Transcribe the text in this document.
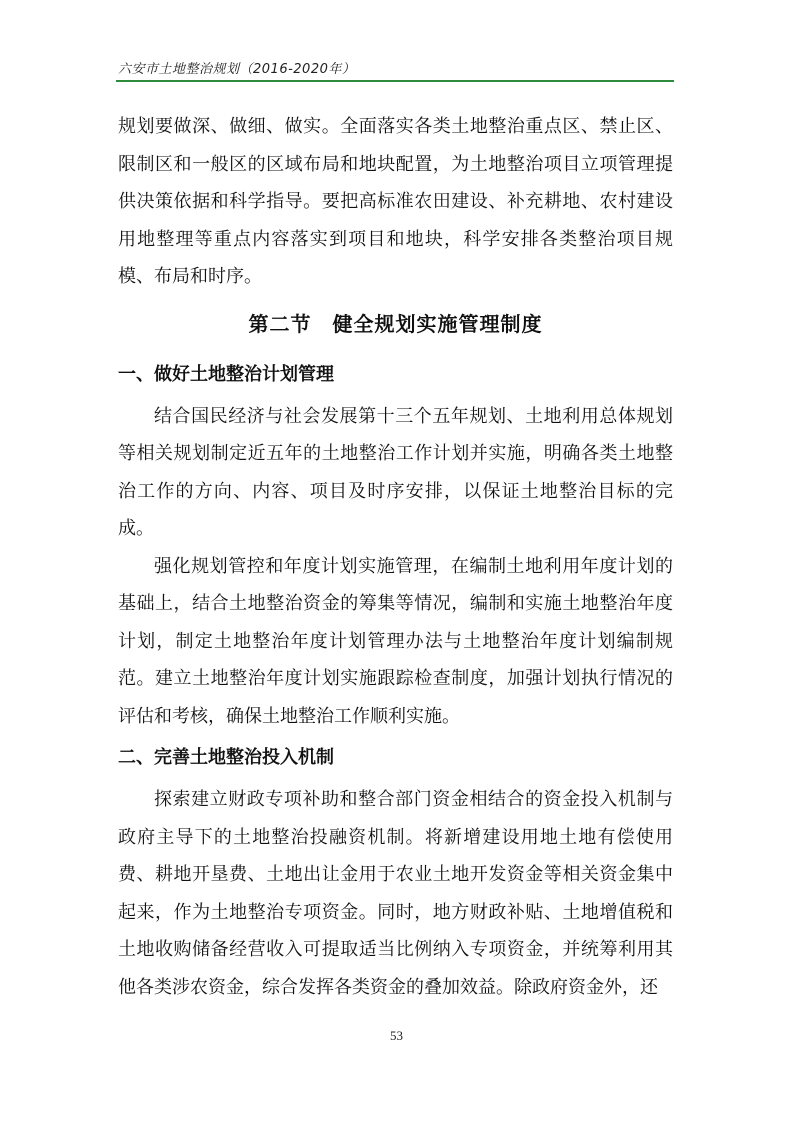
六安市土地整治规划（2016-2020年）

规划要做深、做细、做实。全面落实各类土地整治重点区、禁止区、限制区和一般区的区域布局和地块配置，为土地整治项目立项管理提供决策依据和科学指导。要把高标准农田建设、补充耕地、农村建设用地整理等重点内容落实到项目和地块，科学安排各类整治项目规模、布局和时序。

第二节　健全规划实施管理制度
一、做好土地整治计划管理

结合国民经济与社会发展第十三个五年规划、土地利用总体规划等相关规划制定近五年的土地整治工作计划并实施，明确各类土地整治工作的方向、内容、项目及时序安排，以保证土地整治目标的完成。

强化规划管控和年度计划实施管理，在编制土地利用年度计划的基础上，结合土地整治资金的筹集等情况，编制和实施土地整治年度计划，制定土地整治年度计划管理办法与土地整治年度计划编制规范。建立土地整治年度计划实施跟踪检查制度，加强计划执行情况的评估和考核，确保土地整治工作顺利实施。

二、完善土地整治投入机制

探索建立财政专项补助和整合部门资金相结合的资金投入机制与政府主导下的土地整治投融资机制。将新增建设用地土地有偿使用费、耕地开垦费、土地出让金用于农业土地开发资金等相关资金集中起来，作为土地整治专项资金。同时，地方财政补贴、土地增值税和土地收购储备经营收入可提取适当比例纳入专项资金，并统筹利用其他各类涉农资金，综合发挥各类资金的叠加效益。除政府资金外，还

53
